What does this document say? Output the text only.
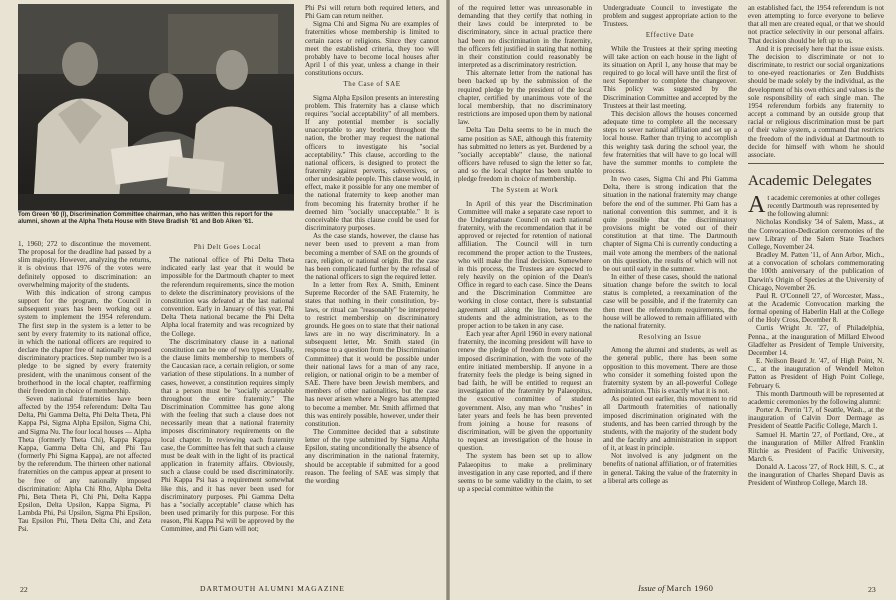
Tom Green '60 (l), Discrimination Committee chairman, who has written this report for the alumni, shown at the Alpha Theta House with Steve Bradish '61 and Bob Aiken '61.

1, 1960; 272 to discontinue the movement. The proposal for the deadline had passed by a slim majority. However, analyzing the returns, it is obvious that 1976 of the votes were definitely opposed to discrimination: an overwhelming majority of the students.

With this indication of strong campus support for the program, the Council in subsequent years has been working out a system to implement the 1954 referendum. The first step in the system is a letter to be sent by every fraternity to its national office, in which the national officers are required to declare the chapter free of nationally imposed discriminatory practices. Step number two is a pledge to be signed by every fraternity president, with the unanimous consent of the brotherhood in the local chapter, reaffirming their freedom in choice of membership.

Seven national fraternities have been affected by the 1954 referendum: Delta Tau Delta, Phi Gamma Delta, Phi Delta Theta, Phi Kappa Psi, Sigma Alpha Epsilon, Sigma Chi, and Sigma Nu. The four local houses — Alpha Theta (formerly Theta Chi), Kappa Kappa Kappa, Gamma Delta Chi, and Phi Tau (formerly Phi Sigma Kappa), are not affected by the referendum. The thirteen other national fraternities on the campus appear at present to be free of any nationally imposed discrimination: Alpha Chi Rho, Alpha Delta Phi, Beta Theta Pi, Chi Phi, Delta Kappa Epsilon, Delta Upsilon, Kappa Sigma, Pi Lambda Phi, Psi Upsilon, Sigma Phi Epsilon, Tau Epsilon Phi, Theta Delta Chi, and Zeta Psi.

Phi Delt Goes Local

The national office of Phi Delta Theta indicated early last year that it would be impossible for the Dartmouth chapter to meet the referendum requirements, since the motion to delete the discriminatory provisions of the constitution was defeated at the last national convention. Early in January of this year, Phi Delta Theta national became the Phi Delta Alpha local fraternity and was recognized by the College.

The discriminatory clause in a national constitution can be one of two types. Usually, the clause limits membership to members of the Caucasian race, a certain religion, or some variation of these stipulations. In a number of cases, however, a constitution requires simply that a person must be "socially acceptable throughout the entire fraternity." The Discrimination Committee has gone along with the feeling that such a clause does not necessarily mean that a national fraternity imposes discriminatory requirements on the local chapter. In reviewing each fraternity case, the Committee has felt that such a clause must be dealt with in the light of its practical application in fraternity affairs. Obviously, such a clause could be used discriminatorily. Phi Kappa Psi has a requirement somewhat like this, and it has never been used for discriminatory purposes. Phi Gamma Delta has a "socially acceptable" clause which has been used primarily for this purpose. For this reason, Phi Kappa Psi will be approved by the Committee, and Phi Gam will not;

Phi Psi will return both required letters, and Phi Gam can return neither.

Sigma Chi and Sigma Nu are examples of fraternities whose membership is limited to certain races or religions. Since they cannot meet the established criteria, they too will probably have to become local houses after April 1 of this year, unless a change in their constitutions occurs.

The Case of SAE

Sigma Alpha Epsilon presents an interesting problem. This fraternity has a clause which requires "social acceptability" of all members. If any potential member is socially unacceptable to any brother throughout the nation, the brother may request the national officers to investigate his "social acceptability." This clause, according to the national officers, is designed to protect the fraternity against perverts, subversives, or other undesirable people. This clause would, in effect, make it possible for any one member of the national fraternity to keep another man from becoming his fraternity brother if he deemed him "socially unacceptable." It is conceivable that this clause could be used for discriminatory purposes.

As the case stands, however, the clause has never been used to prevent a man from becoming a member of SAE on the grounds of race, religion, or national origin. But the case has been complicated further by the refusal of the national officers to sign the required letter.

In a letter from Rex A. Smith, Eminent Supreme Recorder of the SAE Fraternity, he states that nothing in their constitution, by-laws, or ritual can "reasonably" be interpreted to restrict membership on discriminatory grounds. He goes on to state that their national laws are in no way discriminatory. In a subsequent letter, Mr. Smith stated (in response to a question from the Discrimination Committee) that it would be possible under their national laws for a man of any race, religion, or national origin to be a member of SAE. There have been Jewish members, and members of other nationalities, but the case has never arisen where a Negro has attempted to become a member. Mr. Smith affirmed that this was entirely possible, however, under their constitution.

The Committee decided that a substitute letter of the type submitted by Sigma Alpha Epsilon, stating unconditionally the absence of any discrimination in the national fraternity, should be acceptable if submitted for a good reason. The feeling of SAE was simply that the wording

22	DARTMOUTH ALUMNI MAGAZINE

of the required letter was unreasonable in demanding that they certify that nothing in their laws could be interpreted to be discriminatory, since in actual practice there had been no discrimination in the fraternity, the officers felt justified in stating that nothing in their constitution could reasonably be interpreted as a discriminatory restriction.

This alternate letter from the national has been backed up by the submission of the required pledge by the president of the local chapter, certified by unanimous vote of the local membership, that no discriminatory restrictions are imposed upon them by national law.

Delta Tau Delta seems to be in much the same position as SAE, although this fraternity has submitted no letters as yet. Burdened by a "socially acceptable" clause, the national officers have refused to sign the letter so far, and so the local chapter has been unable to pledge freedom in choice of membership.

The System at Work

In April of this year the Discrimination Committee will make a separate case report to the Undergraduate Council on each national fraternity, with the recommendation that it be approved or rejected for retention of national affiliation. The Council will in turn recommend the proper action to the Trustees, who will make the final decision. Somewhere in this process, the Trustees are expected to rely heavily on the opinion of the Dean's Office in regard to each case. Since the Deans and the Discrimination Committee are working in close contact, there is substantial agreement all along the line, between the students and the administration, as to the proper action to be taken in any case.

Each year after April 1960 in every national fraternity, the incoming president will have to renew the pledge of freedom from nationally imposed discrimination, with the vote of the entire initiated membership. If anyone in a fraternity feels the pledge is being signed in bad faith, he will be entitled to request an investigation of the fraternity by Palaeopitus, the executive committee of student government. Also, any man who "rushes" in later years and feels he has been prevented from joining a house for reasons of discrimination, will be given the opportunity to request an investigation of the house in question.

The system has been set up to allow Palaeopitus to make a preliminary investigation in any case reported, and if there seems to be some validity to the claim, to set up a special committee within the

Undergraduate Council to investigate the problem and suggest appropriate action to the Trustees.

Effective Date

While the Trustees at their spring meeting will take action on each house in the light of its situation on April 1, any house that may be required to go local will have until the first of next September to complete the changeover. This policy was suggested by the Discrimination Committee and accepted by the Trustees at their last meeting.

This decision allows the houses concerned adequate time to complete all the necessary steps to sever national affiliation and set up a local house. Rather than trying to accomplish this weighty task during the school year, the few fraternities that will have to go local will have the summer months to complete the process.

In two cases, Sigma Chi and Phi Gamma Delta, there is strong indication that the situation in the national fraternity may change before the end of the summer. Phi Gam has a national convention this summer, and it is quite possible that the discriminatory provisions might be voted out of their constitution at that time. The Dartmouth chapter of Sigma Chi is currently conducting a mail vote among the members of the national on this question, the results of which will not be out until early in the summer.

In either of these cases, should the national situation change before the switch to local status is completed, a reexamination of the case will be possible, and if the fraternity can then meet the referendum requirements, the house will be allowed to remain affiliated with the national fraternity.

Resolving an Issue

Among the alumni and students, as well as the general public, there has been some opposition to this movement. There are those who consider it something foisted upon the fraternity system by an all-powerful College administration. This is exactly what it is not.

As pointed out earlier, this movement to rid all Dartmouth fraternities of nationally imposed discrimination originated with the students, and has been carried through by the students, with the majority of the student body and the faculty and administration in support of it, at least in principle.

Not involved is any judgment on the benefits of national affiliation, or of fraternities in general. Taking the value of the fraternity in a liberal arts college as

an established fact, the 1954 referendum is not even attempting to force everyone to believe that all men are created equal, or that we should not practice selectivity in our personal affairs. That decision should be left up to us.

And it is precisely here that the issue exists. The decision to discriminate or not to discriminate, to restrict our social organizations to one-eyed reactionaries or Zen Buddhists should be made solely by the individual, as the development of his own ethics and values is the sole responsibility of each single man. The 1954 referendum forbids any fraternity to accept a command by an outside group that racial or religious discrimination must be part of their value system, a command that restricts the freedom of the individual at Dartmouth to decide for himself with whom he should associate.

Academic Delegates

At academic ceremonies at other colleges recently Dartmouth was represented by the following alumni:

Nicholas Kondisky '34 of Salem, Mass., at the Convocation-Dedication ceremonies of the new Library of the Salem State Teachers College, November 24.

Bradley M. Patten '11, of Ann Arbor, Mich., at a convocation of scholars commemorating the 100th anniversary of the publication of Darwin's Origin of Species at the University of Chicago, November 26.

Paul R. O'Connell '27, of Worcester, Mass., at the Academic Convocation marking the formal opening of Haberlin Hall at the College of the Holy Cross, December 8.

Curtis Wright Jr. '27, of Philadelphia, Penna., at the inauguration of Millard Elwood Gladfelter as President of Temple University, December 14.

E. Neilson Beard Jr. '47, of High Point, N. C., at the inauguration of Wendell Melton Patton as President of High Point College, February 6.

This month Dartmouth will be represented at academic ceremonies by the following alumni:

Porter A. Perrin '17, of Seattle, Wash., at the inauguration of Calvin Dorr Dermage as President of Seattle Pacific College, March 1.

Samuel H. Martin '27, of Portland, Ore., at the inauguration of Miller Alfred Franklin Ritchie as President of Pacific University, March 6.

Donald A. Lacoss '27, of Rock Hill, S. C., at the inauguration of Charles Shepard Davis as President of Winthrop College, March 18.

Issue of March 1960	23
